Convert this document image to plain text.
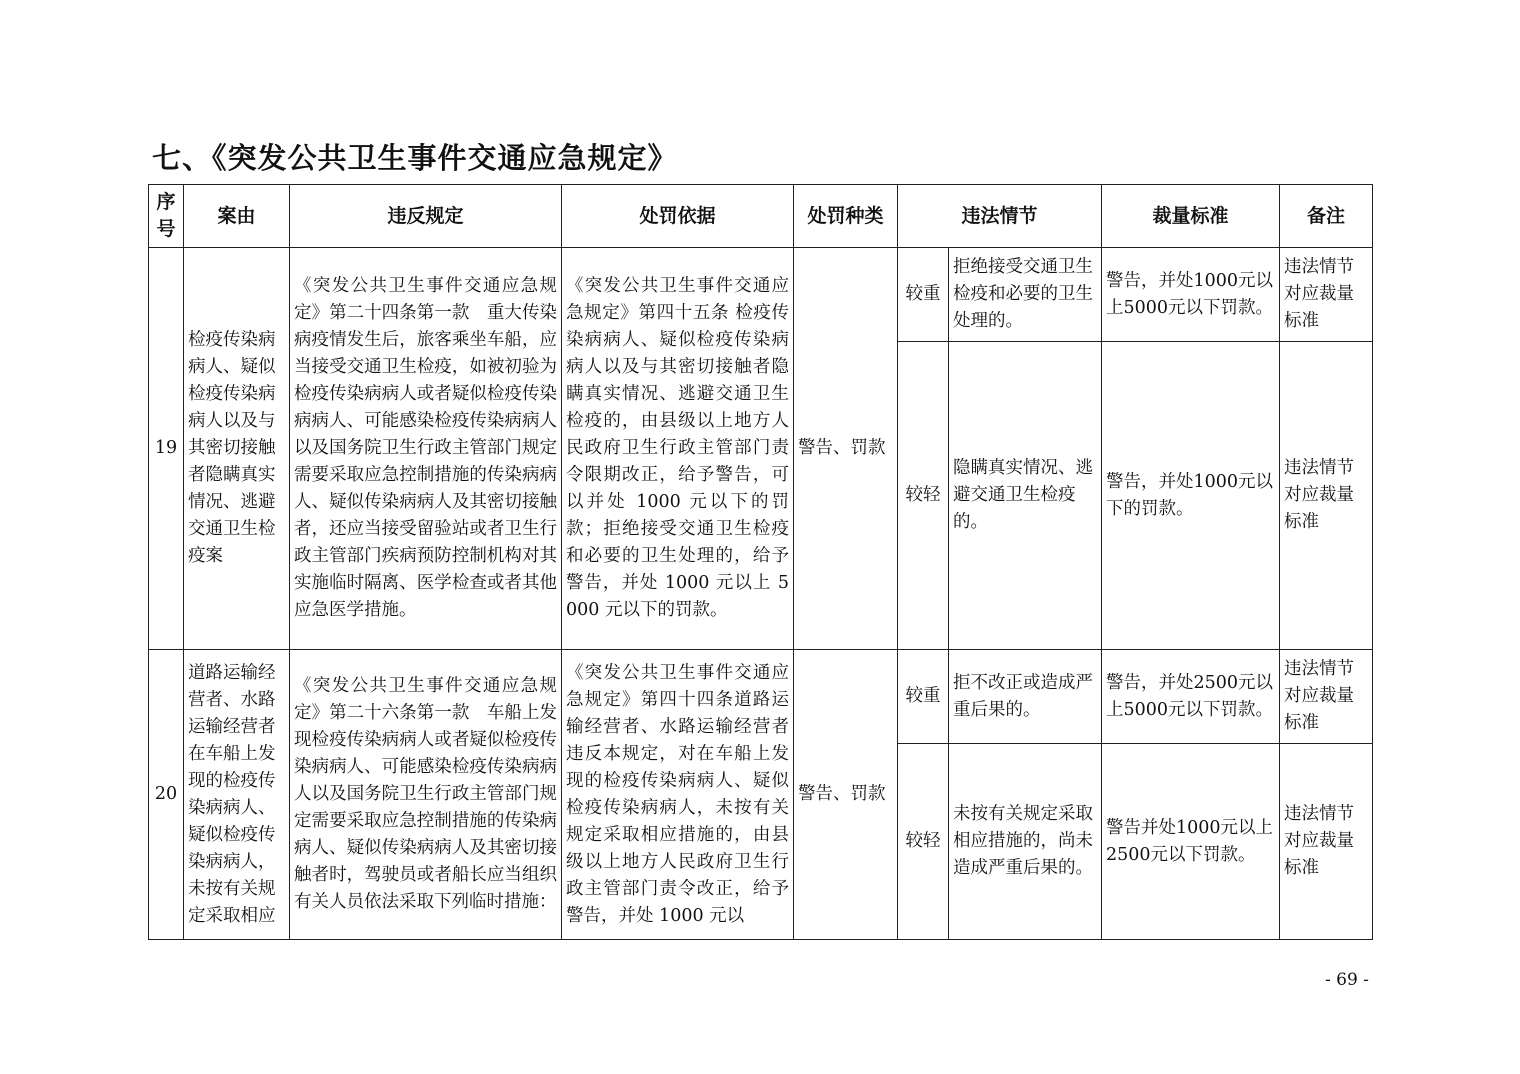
七、《突发公共卫生事件交通应急规定》
序号	案由	违反规定	处罚依据	处罚种类	违法情节		裁量标准	备注
19	检疫传染病病人、疑似检疫传染病病人以及与其密切接触者隐瞒真实情况、逃避交通卫生检疫案	《突发公共卫生事件交通应急规定》第二十四条第一款　重大传染病疫情发生后，旅客乘坐车船，应当接受交通卫生检疫，如被初验为检疫传染病病人或者疑似检疫传染病病人、可能感染检疫传染病病人以及国务院卫生行政主管部门规定需要采取应急控制措施的传染病病人、疑似传染病病人及其密切接触者，还应当接受留验站或者卫生行政主管部门疾病预防控制机构对其实施临时隔离、医学检查或者其他应急医学措施。	《突发公共卫生事件交通应急规定》第四十五条 检疫传染病病人、疑似检疫传染病病人以及与其密切接触者隐瞒真实情况、逃避交通卫生检疫的，由县级以上地方人民政府卫生行政主管部门责令限期改正，给予警告，可以并处 1000 元以下的罚款；拒绝接受交通卫生检疫和必要的卫生处理的，给予警告，并处 1000 元以上 5000 元以下的罚款。	警告、罚款	较重	拒绝接受交通卫生检疫和必要的卫生处理的。	警告，并处1000元以上5000元以下罚款。	违法情节对应裁量标准
					较轻	隐瞒真实情况、逃避交通卫生检疫的。	警告，并处1000元以下的罚款。	违法情节对应裁量标准
20	道路运输经营者、水路运输经营者在车船上发现的检疫传染病病人、疑似检疫传染病病人，未按有关规定采取相应	《突发公共卫生事件交通应急规定》第二十六条第一款　车船上发现检疫传染病病人或者疑似检疫传染病病人、可能感染检疫传染病病人以及国务院卫生行政主管部门规定需要采取应急控制措施的传染病病人、疑似传染病病人及其密切接触者时，驾驶员或者船长应当组织有关人员依法采取下列临时措施：	《突发公共卫生事件交通应急规定》第四十四条道路运输经营者、水路运输经营者违反本规定，对在车船上发现的检疫传染病病人、疑似检疫传染病病人，未按有关规定采取相应措施的，由县级以上地方人民政府卫生行政主管部门责令改正，给予警告，并处 1000 元以	警告、罚款	较重	拒不改正或造成严重后果的。	警告，并处2500元以上5000元以下罚款。	违法情节对应裁量标准
					较轻	未按有关规定采取相应措施的，尚未造成严重后果的。	警告并处1000元以上2500元以下罚款。	违法情节对应裁量标准
- 69 -
